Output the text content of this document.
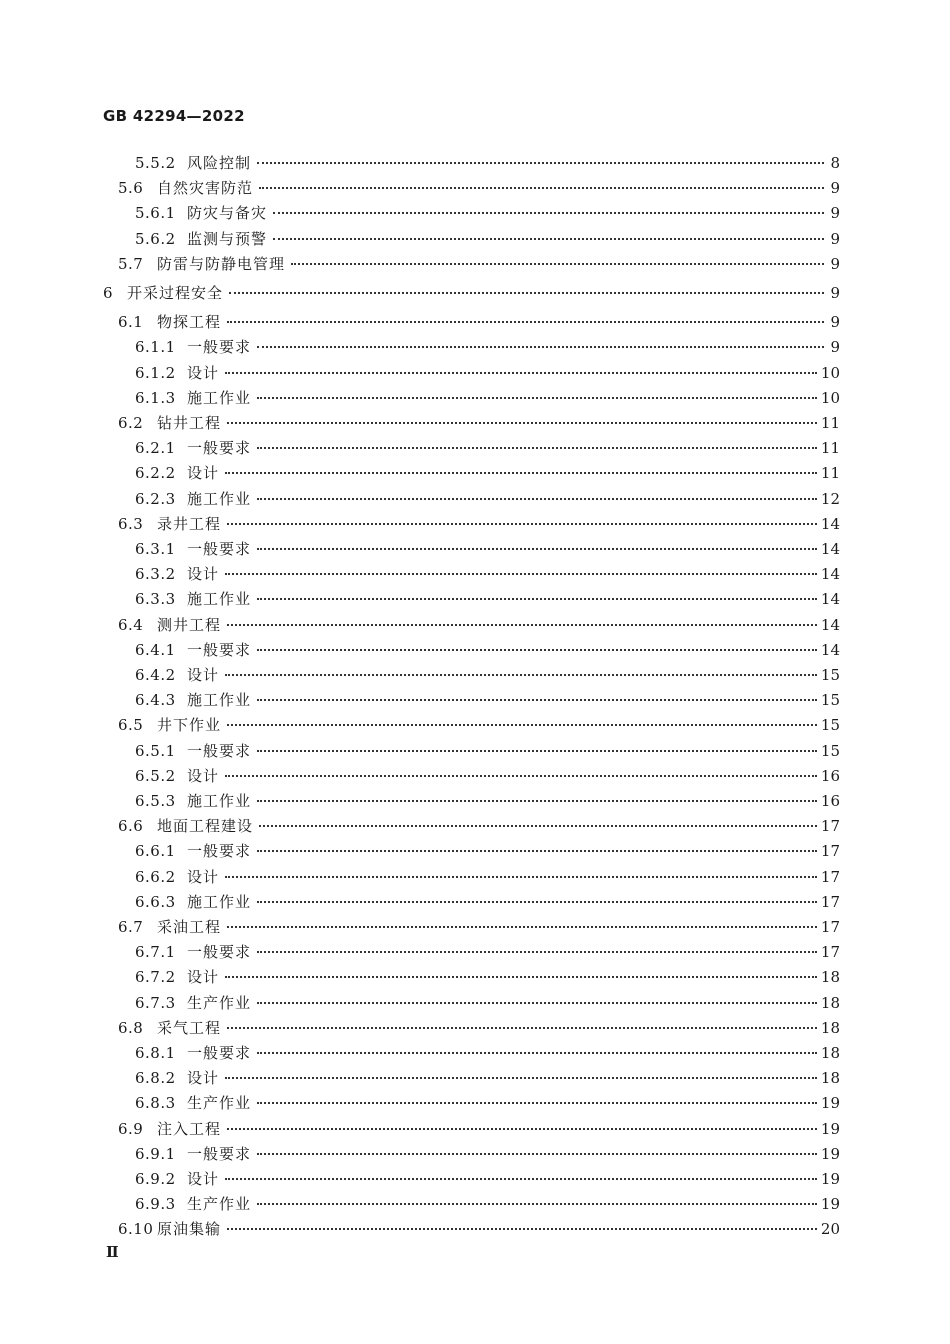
GB 42294—2022
5.5.2 风险控制	8
5.6 自然灾害防范	9
5.6.1 防灾与备灾	9
5.6.2 监测与预警	9
5.7 防雷与防静电管理	9
6 开采过程安全	9
6.1 物探工程	9
6.1.1 一般要求	9
6.1.2 设计	10
6.1.3 施工作业	10
6.2 钻井工程	11
6.2.1 一般要求	11
6.2.2 设计	11
6.2.3 施工作业	12
6.3 录井工程	14
6.3.1 一般要求	14
6.3.2 设计	14
6.3.3 施工作业	14
6.4 测井工程	14
6.4.1 一般要求	14
6.4.2 设计	15
6.4.3 施工作业	15
6.5 井下作业	15
6.5.1 一般要求	15
6.5.2 设计	16
6.5.3 施工作业	16
6.6 地面工程建设	17
6.6.1 一般要求	17
6.6.2 设计	17
6.6.3 施工作业	17
6.7 采油工程	17
6.7.1 一般要求	17
6.7.2 设计	18
6.7.3 生产作业	18
6.8 采气工程	18
6.8.1 一般要求	18
6.8.2 设计	18
6.8.3 生产作业	19
6.9 注入工程	19
6.9.1 一般要求	19
6.9.2 设计	19
6.9.3 生产作业	19
6.10 原油集输	20
Ⅱ
